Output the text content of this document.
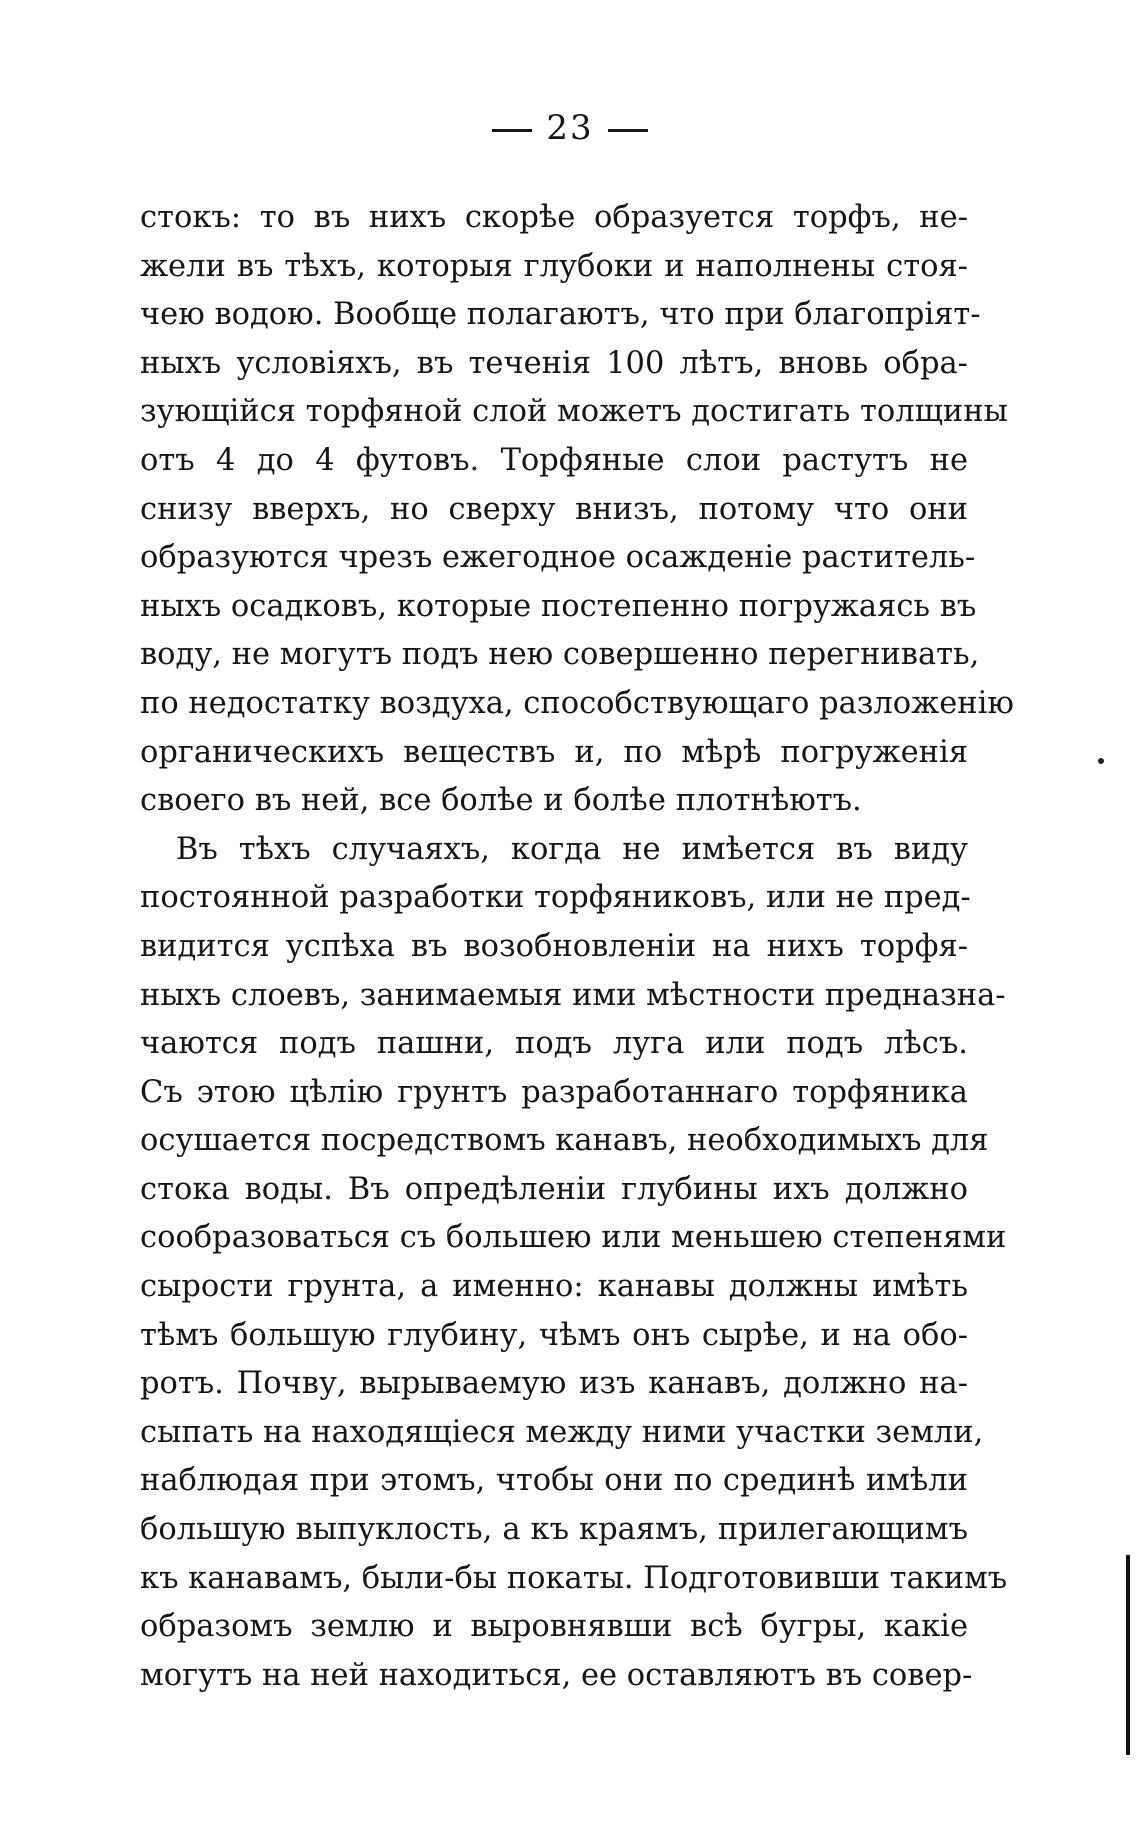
23
стокъ: то въ нихъ скорѣе образуется торфъ, не-
жели въ тѣхъ, которыя глубоки и наполнены стоя-
чею водою. Вообще полагаютъ, что при благопріят-
ныхъ условіяхъ, въ теченія 100 лѣтъ, вновь обра-
зующійся торфяной слой можетъ достигать толщины
отъ 4 до 4 футовъ. Торфяные слои растутъ не
снизу вверхъ, но сверху внизъ, потому что они
образуются чрезъ ежегодное осажденіе раститель-
ныхъ осадковъ, которые постепенно погружаясь въ
воду, не могутъ подъ нею совершенно перегнивать,
по недостатку воздуха, способствующаго разложенію
органическихъ веществъ и, по мѣрѣ погруженія
своего въ ней, все болѣе и болѣе плотнѣютъ.
Въ тѣхъ случаяхъ, когда не имѣется въ виду
постоянной разработки торфяниковъ, или не пред-
видится успѣха въ возобновленіи на нихъ торфя-
ныхъ слоевъ, занимаемыя ими мѣстности предназна-
чаются подъ пашни, подъ луга или подъ лѣсъ.
Съ этою цѣлію грунтъ разработаннаго торфяника
осушается посредствомъ канавъ, необходимыхъ для
стока воды. Въ опредѣленіи глубины ихъ должно
сообразоваться съ большею или меньшею степенями
сырости грунта, а именно: канавы должны имѣть
тѣмъ большую глубину, чѣмъ онъ сырѣе, и на обо-
ротъ. Почву, вырываемую изъ канавъ, должно на-
сыпать на находящіеся между ними участки земли,
наблюдая при этомъ, чтобы они по срединѣ имѣли
большую выпуклость, а къ краямъ, прилегающимъ
къ канавамъ, были-бы покаты. Подготовивши такимъ
образомъ землю и выровнявши всѣ бугры, какіе
могутъ на ней находиться, ее оставляютъ въ совер-
